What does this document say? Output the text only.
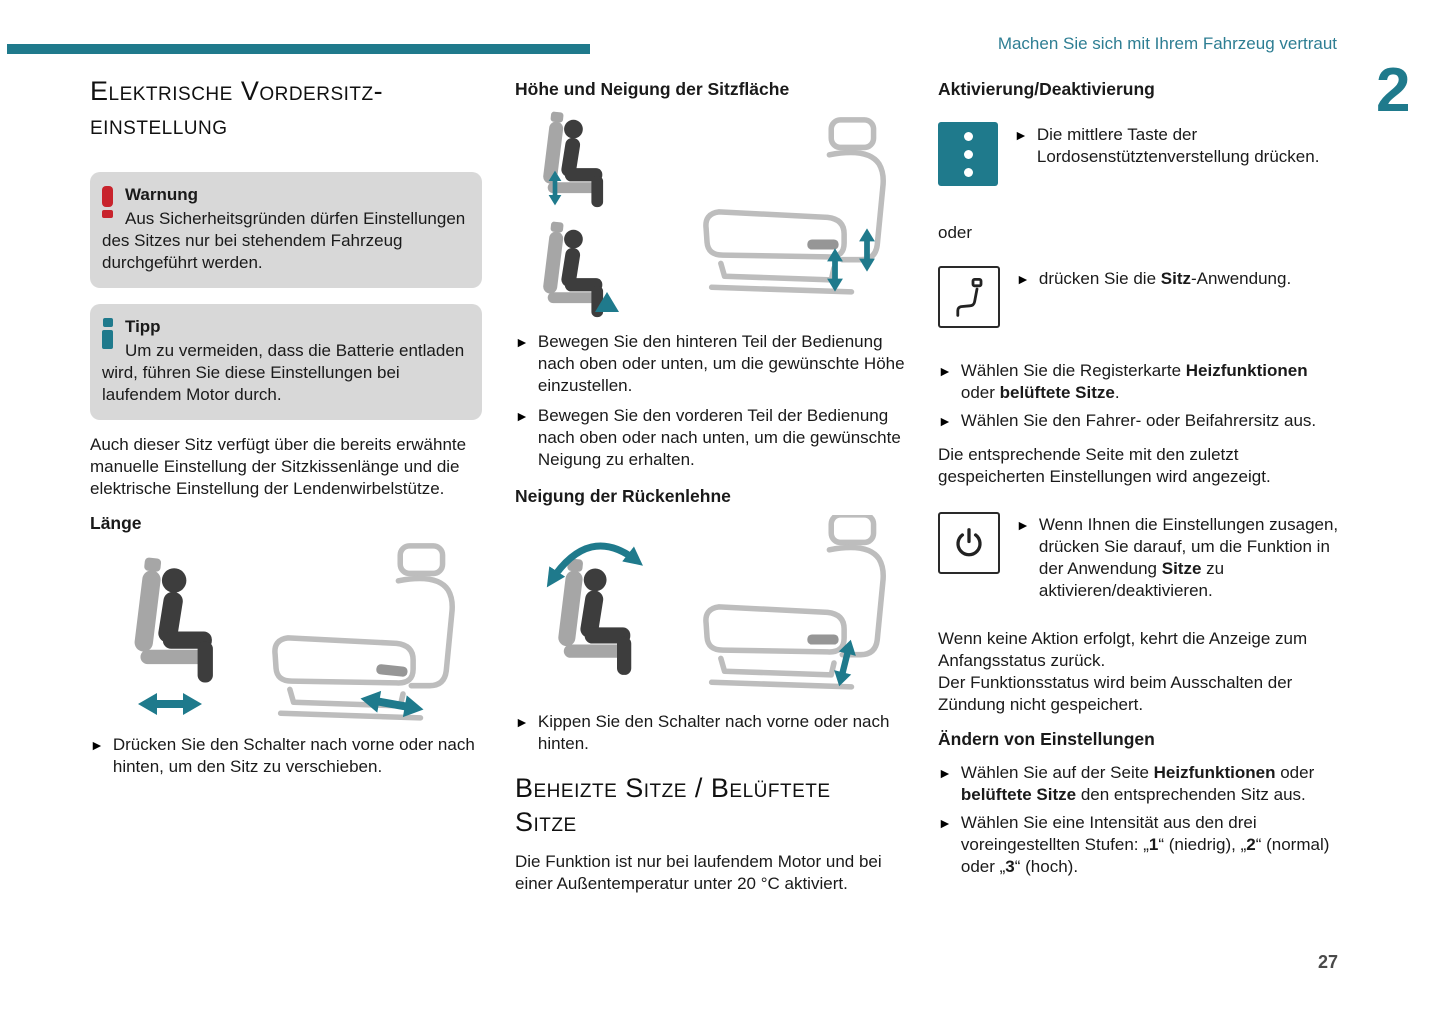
Machen Sie sich mit Ihrem Fahrzeug vertraut
2
Elektrische Vordersitz-
einstellung
Warnung
Aus Sicherheitsgründen dürfen Einstellungen des Sitzes nur bei stehendem Fahrzeug durchgeführt werden.
Tipp
Um zu vermeiden, dass die Batterie entladen wird, führen Sie diese Einstellungen bei laufendem Motor durch.

Auch dieser Sitz verfügt über die bereits erwähnte manuelle Einstellung der Sitzkissenlänge und die elektrische Einstellung der Lendenwirbelstütze.

Länge
► Drücken Sie den Schalter nach vorne oder nach hinten, um den Sitz zu verschieben.
Höhe und Neigung der Sitzfläche
► Bewegen Sie den hinteren Teil der Bedienung nach oben oder unten, um die gewünschte Höhe einzustellen.
► Bewegen Sie den vorderen Teil der Bedienung nach oben oder nach unten, um die gewünschte Neigung zu erhalten.
Neigung der Rückenlehne
► Kippen Sie den Schalter nach vorne oder nach hinten.
Beheizte Sitze / Belüftete
Sitze

Die Funktion ist nur bei laufendem Motor und bei einer Außentemperatur unter 20 °C aktiviert.

Aktivierung/Deaktivierung
► Die mittlere Taste der Lordosenstütztenverstellung drücken.

oder

► drücken Sie die Sitz-Anwendung.
► Wählen Sie die Registerkarte Heizfunktionen oder belüftete Sitze.
► Wählen Sie den Fahrer- oder Beifahrersitz aus.

Die entsprechende Seite mit den zuletzt gespeicherten Einstellungen wird angezeigt.

► Wenn Ihnen die Einstellungen zusagen, drücken Sie darauf, um die Funktion in der Anwendung Sitze zu aktivieren/deaktivieren.

Wenn keine Aktion erfolgt, kehrt die Anzeige zum Anfangsstatus zurück.

Der Funktionsstatus wird beim Ausschalten der Zündung nicht gespeichert.

Ändern von Einstellungen
► Wählen Sie auf der Seite Heizfunktionen oder belüftete Sitze den entsprechenden Sitz aus.
► Wählen Sie eine Intensität aus den drei voreingestellten Stufen: „1“ (niedrig), „2“ (normal) oder „3“ (hoch).
27
